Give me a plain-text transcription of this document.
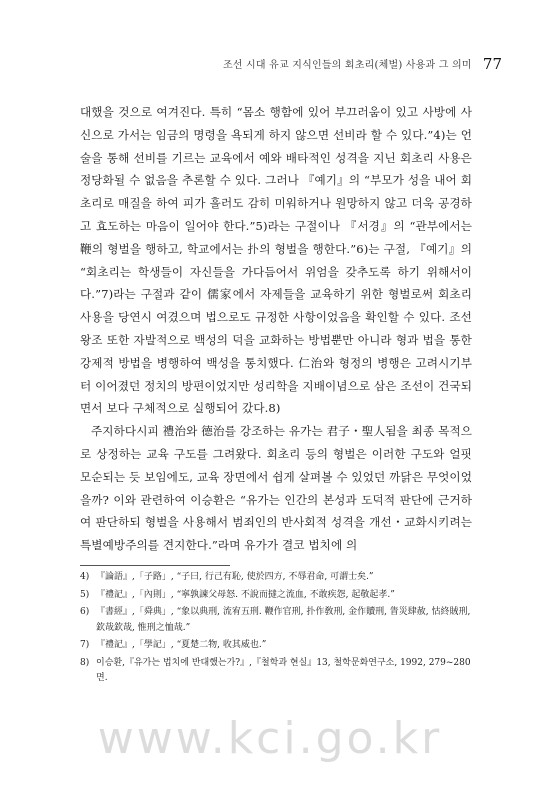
조선 시대 유교 지식인들의 회초리(체벌) 사용과 그 의미 77

대했을 것으로 여겨진다. 특히 “몸소 행함에 있어 부끄러움이 있고 사방에 사신으로 가서는 임금의 명령을 욕되게 하지 않으면 선비라 할 수 있다.”4)는 언술을 통해 선비를 기르는 교육에서 예와 배타적인 성격을 지닌 회초리 사용은 정당화될 수 없음을 추론할 수 있다. 그러나 『예기』의 “부모가 성을 내어 회초리로 매질을 하여 피가 흘러도 감히 미워하거나 원망하지 않고 더욱 공경하고 효도하는 마음이 일어야 한다.”5)라는 구절이나 『서경』의 “관부에서는 鞭의 형벌을 행하고, 학교에서는 扑의 형벌을 행한다.”6)는 구절, 『예기』의 “회초리는 학생들이 자신들을 가다듬어서 위엄을 갖추도록 하기 위해서이다.”7)라는 구절과 같이 儒家에서 자제들을 교육하기 위한 형벌로써 회초리 사용을 당연시 여겼으며 법으로도 규정한 사항이었음을 확인할 수 있다. 조선왕조 또한 자발적으로 백성의 덕을 교화하는 방법뿐만 아니라 형과 법을 통한 강제적 방법을 병행하여 백성을 통치했다. 仁治와 형정의 병행은 고려시기부터 이어졌던 정치의 방편이었지만 성리학을 지배이념으로 삼은 조선이 건국되면서 보다 구체적으로 실행되어 갔다.8)

주지하다시피 禮治와 德治를 강조하는 유가는 君子・聖人됨을 최종 목적으로 상정하는 교육 구도를 그려왔다. 회초리 등의 형벌은 이러한 구도와 얼핏 모순되는 듯 보임에도, 교육 장면에서 쉽게 살펴볼 수 있었던 까닭은 무엇이었을까? 이와 관련하여 이승환은 “유가는 인간의 본성과 도덕적 판단에 근거하여 판단하되 형벌을 사용해서 범죄인의 반사회적 성격을 개선・교화시키려는 특별예방주의를 견지한다.”라며 유가가 결코 법치에 의

4) 『論語』,「子路」, “子曰, 行己有恥, 使於四方, 不辱君命, 可謂士矣.”
5) 『禮記』,「內則」, “寧孰諫父母怒. 不說而撻之流血, 不敢疾怨, 起敬起孝.”
6) 『書經』,「舜典」, “象以典刑, 流宥五刑. 鞭作官刑, 扑作敎刑, 金作贖刑, 眚災肆赦, 怙終賊刑, 欽哉欽哉, 惟刑之恤哉.”
7) 『禮記』,「學記」, “夏楚二物, 收其威也.”
8) 이승환,『유가는 법치에 반대했는가?』,『철학과 현실』13, 철학문화연구소, 1992, 279~280면.
www.kci.go.kr
